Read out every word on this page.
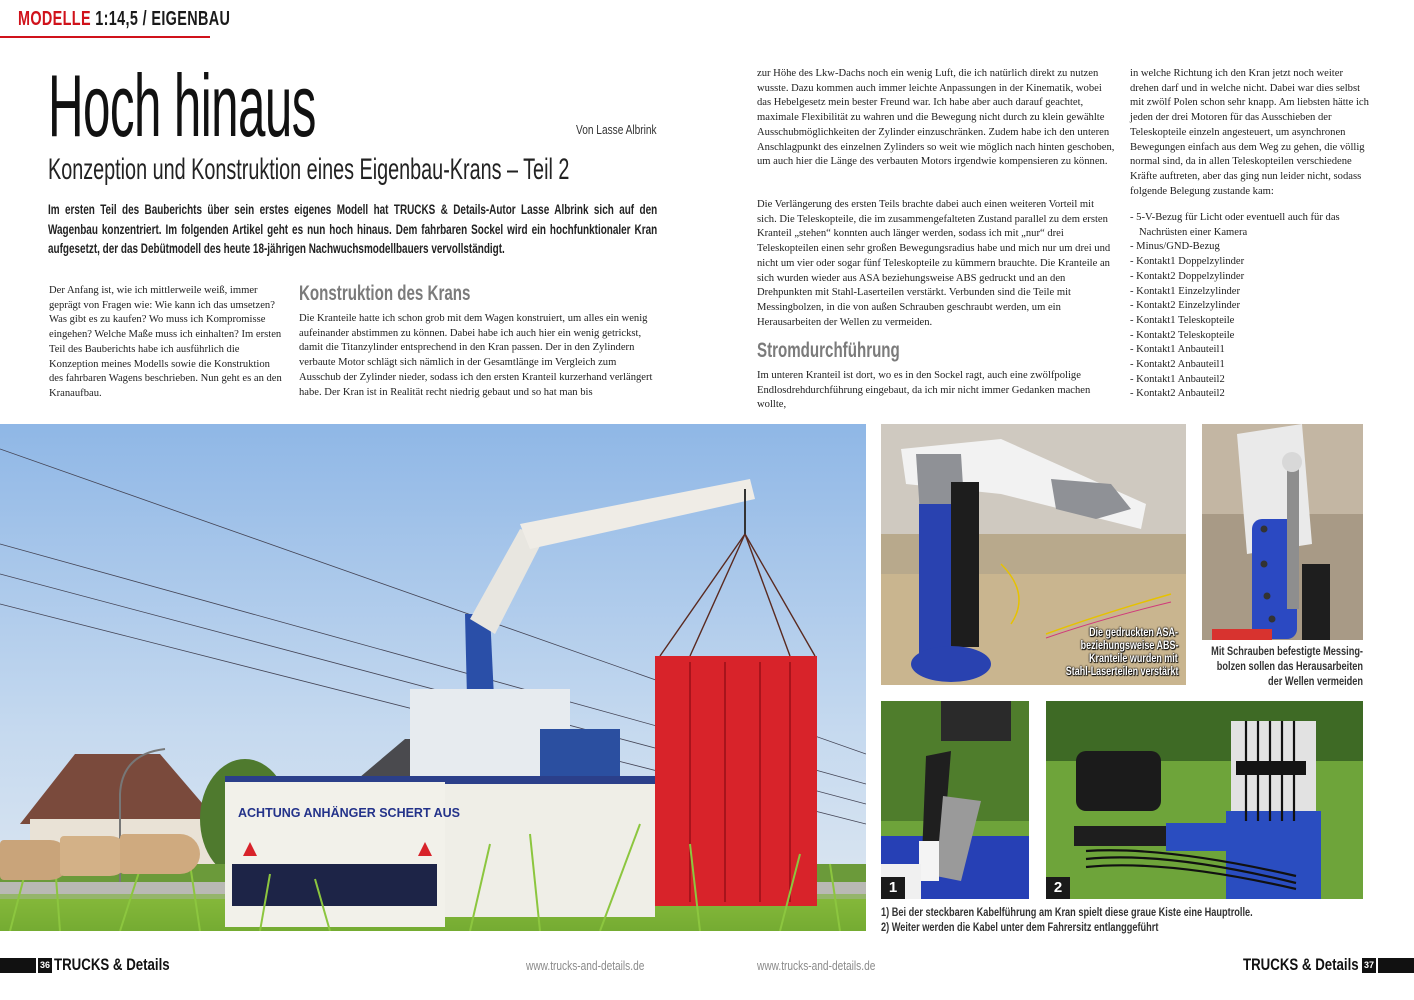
MODELLE 1:14,5 / EIGENBAU
Hoch hinaus	Von Lasse Albrink
Konzeption und Konstruktion eines Eigenbau-Krans – Teil 2
Im ersten Teil des Bauberichts über sein erstes eigenes Modell hat TRUCKS & Details-Autor Lasse Albrink sich auf den Wagenbau konzentriert. Im folgenden Artikel geht es nun hoch hinaus. Dem fahrbaren Sockel wird ein hochfunktionaler Kran aufgesetzt, der das Debütmodell des heute 18-jährigen Nachwuchsmodellbauers vervollständigt.
Der Anfang ist, wie ich mittlerweile weiß, immer geprägt von Fragen wie: Wie kann ich das umsetzen? Was gibt es zu kaufen? Wo muss ich Kompromisse eingehen? Welche Maße muss ich einhalten? Im ersten Teil des Bauberichts habe ich ausführlich die Konzeption meines Modells sowie die Konstruktion des fahrbaren Wagens beschrieben. Nun geht es an den Kranaufbau.
Konstruktion des Krans
Die Kranteile hatte ich schon grob mit dem Wagen konstruiert, um alles ein wenig aufeinander abstimmen zu können. Dabei habe ich auch hier ein wenig getrickst, damit die Titanzylinder entsprechend in den Kran passen. Der in den Zylindern verbaute Motor schlägt sich nämlich in der Gesamtlänge im Vergleich zum Ausschub der Zylinder nieder, sodass ich den ersten Kranteil kurzerhand verlängert habe. Der Kran ist in Realität recht niedrig gebaut und so hat man bis
zur Höhe des Lkw-Dachs noch ein wenig Luft, die ich natürlich direkt zu nutzen wusste. Dazu kommen auch immer leichte Anpassungen in der Kinematik, wobei das Hebelgesetz mein bester Freund war. Ich habe aber auch darauf geachtet, maximale Flexibilität zu wahren und die Bewegung nicht durch zu klein gewählte Ausschubmöglichkeiten der Zylinder einzuschränken. Zudem habe ich den unteren Anschlagpunkt des einzelnen Zylinders so weit wie möglich nach hinten geschoben, um auch hier die Länge des verbauten Motors irgendwie kompensieren zu können.
Die Verlängerung des ersten Teils brachte dabei auch einen weiteren Vorteil mit sich. Die Teleskopteile, die im zusammengefalteten Zustand parallel zu dem ersten Kranteil „stehen“ konnten auch länger werden, sodass ich mit „nur“ drei Teleskopteilen einen sehr großen Bewegungsradius habe und mich nur um drei und nicht um vier oder sogar fünf Teleskopteile zu kümmern brauchte. Die Kranteile an sich wurden wieder aus ASA beziehungsweise ABS gedruckt und an den Drehpunkten mit Stahl-Laserteilen verstärkt. Verbunden sind die Teile mit Messingbolzen, in die von außen Schrauben geschraubt werden, um ein Herausarbeiten der Wellen zu vermeiden.
Stromdurchführung
Im unteren Kranteil ist dort, wo es in den Sockel ragt, auch eine zwölfpolige Endlosdrehdurchführung eingebaut, da ich mir nicht immer Gedanken machen wollte,
in welche Richtung ich den Kran jetzt noch weiter drehen darf und in welche nicht. Dabei war dies selbst mit zwölf Polen schon sehr knapp. Am liebsten hätte ich jeden der drei Motoren für das Ausschieben der Teleskopteile einzeln angesteuert, um asynchronen Bewegungen einfach aus dem Weg zu gehen, die völlig normal sind, da in allen Teleskopteilen verschiedene Kräfte auftreten, aber das ging nun leider nicht, sodass folgende Belegung zustande kam:
- 5-V-Bezug für Licht oder eventuell auch für das Nachrüsten einer Kamera
- Minus/GND-Bezug
- Kontakt1 Doppelzylinder
- Kontakt2 Doppelzylinder
- Kontakt1 Einzelzylinder
- Kontakt2 Einzelzylinder
- Kontakt1 Teleskopteile
- Kontakt2 Teleskopteile
- Kontakt1 Anbauteil1
- Kontakt2 Anbauteil1
- Kontakt1 Anbauteil2
- Kontakt2 Anbauteil2
ACHTUNG ANHÄNGER SCHERT AUS
Die gedruckten ASA-
beziehungsweise ABS-
Kranteile wurden mit
Stahl-Laserteilen verstärkt
Mit Schrauben befestigte Messing-
bolzen sollen das Herausarbeiten
der Wellen vermeiden
1	2
1) Bei der steckbaren Kabelführung am Kran spielt diese graue Kiste eine Hauptrolle.
2) Weiter werden die Kabel unter dem Fahrersitz entlanggeführt
36 TRUCKS & Details	www.trucks-and-details.de	www.trucks-and-details.de	TRUCKS & Details 37
